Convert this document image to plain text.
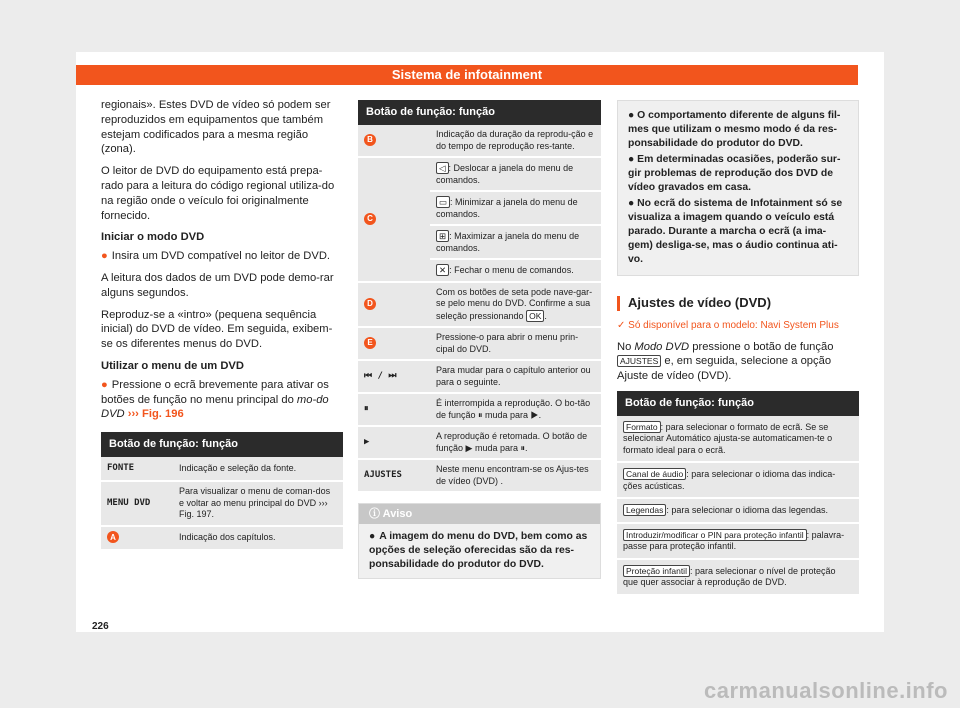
Sistema de infotainment

regionais». Estes DVD de vídeo só podem ser reproduzidos em equipamentos que também estejam codificados para a mesma região (zona).

O leitor de DVD do equipamento está prepa-rado para a leitura do código regional utiliza-do na região onde o veículo foi originalmente fornecido.

Iniciar o modo DVD

● Insira um DVD compatível no leitor de DVD.

A leitura dos dados de um DVD pode demo-rar alguns segundos.

Reproduz-se a «intro» (pequena sequência inicial) do DVD de vídeo. Em seguida, exibem-se os diferentes menus do DVD.

Utilizar o menu de um DVD

● Pressione o ecrã brevemente para ativar os botões de função no menu principal do mo-do DVD ››› Fig. 196

Botão de função: função
FONTE	Indicação e seleção da fonte.
MENU DVD	Para visualizar o menu de coman-dos e voltar ao menu principal do DVD ››› Fig. 197.
A	Indicação dos capítulos.
Botão de função: função
B	Indicação da duração da reprodu-ção e do tempo de reprodução res-tante.
C	◁ : Deslocar a janela do menu de comandos.
▭ : Minimizar a janela do menu de comandos.
⊞ : Maximizar a janela do menu de comandos.
✕ : Fechar o menu de comandos.

D	Com os botões de seta pode nave-gar-se pelo menu do DVD. Confirme a sua seleção pressionando OK .
E	Pressione-o para abrir o menu prin-cipal do DVD.
⏮ / ⏭	Para mudar para o capítulo anterior ou para o seguinte.
⏸	É interrompida a reprodução. O bo-tão de função ⏸ muda para ▶.
▶	A reprodução é retomada. O botão de função ▶ muda para ⏸.
AJUSTES	Neste menu encontram-se os Ajus-tes de vídeo (DVD) .
ⓘ Aviso
● A imagem do menu do DVD, bem como as opções de seleção oferecidas são da res-ponsabilidade do produtor do DVD.
● O comportamento diferente de alguns fil-mes que utilizam o mesmo modo é da res-ponsabilidade do produtor do DVD.
● Em determinadas ocasiões, poderão sur-gir problemas de reprodução dos DVD de vídeo gravados em casa.
● No ecrã do sistema de Infotainment só se visualiza a imagem quando o veículo está parado. Durante a marcha o ecrã (a ima-gem) desliga-se, mas o áudio continua ati-vo.
Ajustes de vídeo (DVD)
✓ Só disponível para o modelo: Navi System Plus

No Modo DVD pressione o botão de função AJUSTES e, em seguida, selecione a opção Ajuste de vídeo (DVD).

Botão de função: função
Formato : para selecionar o formato de ecrã. Se se selecionar Automático ajusta-se automaticamen-te o formato ideal para o ecrã.
Canal de áudio : para selecionar o idioma das indica-ções acústicas.
Legendas : para selecionar o idioma das legendas.
Introduzir/modificar o PIN para proteção infantil : palavra-passe para proteção infantil.
Proteção infantil : para selecionar o nível de proteção que quer associar à reprodução de DVD.
226
carmanualsonline.info
